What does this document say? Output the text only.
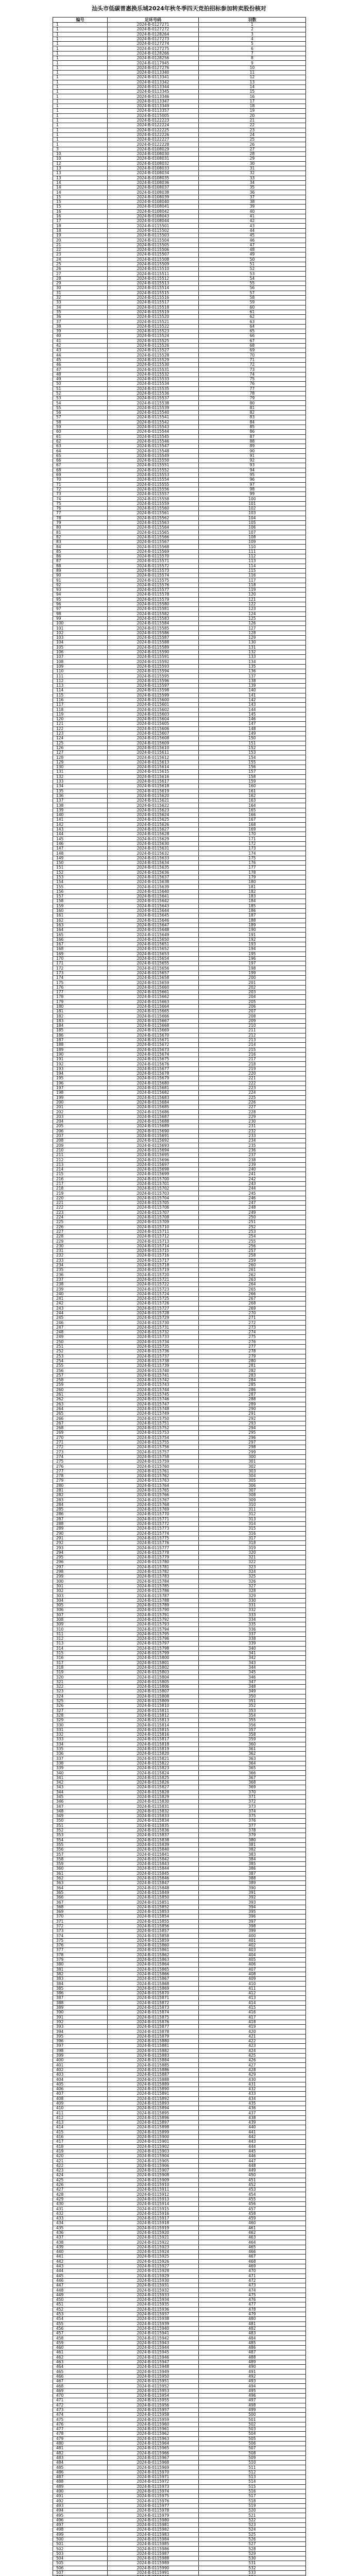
汕头市低碳普惠换乐城2024年秋冬季四天竞拍招标参加转卖股份核对
编号	足环号码	羽数
1	2024-B-0127271	1
1	2024-B-0127272	2
1	2024-B-0128264	3
1	2024-B-0127273	4
1	2024-B-0127274	5
1	2024-B-0127275	6
1	2024-B-0128266	7
1	2024-B-0128256	8
1	2024-B-0117945	9
1	2024-B-0127276	10
1	2024-B-0113340	11
1	2024-B-0113341	12
1	2024-B-0113342	13
1	2024-B-0113344	14
1	2024-B-0113345	15
1	2024-B-0113346	16
1	2024-B-0113347	17
1	2024-B-0113349	18
1	2024-B-0113357	19
1	2024-B-0115005	20
1	2024-B-0122223	21
1	2024-B-0122224	22
1	2024-B-0122225	23
1	2024-B-0122226	24
1	2024-B-0122227	25
1	2024-B-0122228	26
3	2024-B-0108029	27
10	2024-B-0108030	28
10	2024-B-0108031	29
12	2024-B-0108032	30
13	2024-B-0108033	31
13	2024-B-0108034	32
13	2024-B-0108035	33
14	2024-B-0108036	34
14	2024-B-0108037	35
14	2024-B-0108038	36
15	2024-B-0108039	37
15	2024-B-0108040	38
15	2024-B-0108041	39
16	2024-B-0108042	40
16	2024-B-0108043	41
17	2024-B-0108044	42
18	2024-B-0115501	43
18	2024-B-0115502	44
19	2024-B-0115503	45
20	2024-B-0115504	46
21	2024-B-0115505	47
22	2024-B-0115506	48
23	2024-B-0115507	49
24	2024-B-0115508	50
25	2024-B-0115509	51
26	2024-B-0115510	52
27	2024-B-0115511	53
28	2024-B-0115512	54
29	2024-B-0115513	55
30	2024-B-0115514	56
31	2024-B-0115515	57
32	2024-B-0115516	58
33	2024-B-0115517	59
34	2024-B-0115518	60
35	2024-B-0115519	61
36	2024-B-0115520	62
37	2024-B-0115521	63
38	2024-B-0115522	64
39	2024-B-0115523	65
40	2024-B-0115524	66
41	2024-B-0115525	67
42	2024-B-0115526	68
43	2024-B-0115527	69
44	2024-B-0115528	70
45	2024-B-0115529	71
46	2024-B-0115530	72
47	2024-B-0115531	73
48	2024-B-0115532	74
49	2024-B-0115533	75
50	2024-B-0115534	76
51	2024-B-0115535	77
52	2024-B-0115536	78
53	2024-B-0115537	79
54	2024-B-0115538	80
55	2024-B-0115539	81
56	2024-B-0115540	82
57	2024-B-0115541	83
58	2024-B-0115542	84
59	2024-B-0115543	85
60	2024-B-0115544	86
61	2024-B-0115545	87
62	2024-B-0115546	88
63	2024-B-0115547	89
64	2024-B-0115548	90
65	2024-B-0115549	91
66	2024-B-0115550	92
67	2024-B-0115551	93
68	2024-B-0115552	94
69	2024-B-0115553	95
70	2024-B-0115554	96
71	2024-B-0115555	97
72	2024-B-0115556	98
73	2024-B-0115557	99
74	2024-B-0115558	100
75	2024-B-0115559	101
76	2024-B-0115560	102
77	2024-B-0115561	103
78	2024-B-0115562	104
79	2024-B-0115563	105
80	2024-B-0115564	106
81	2024-B-0115565	107
82	2024-B-0115566	108
83	2024-B-0115567	109
84	2024-B-0115568	110
85	2024-B-0115569	111
86	2024-B-0115570	112
87	2024-B-0115571	113
88	2024-B-0115572	114
89	2024-B-0115573	115
90	2024-B-0115574	116
91	2024-B-0115575	117
92	2024-B-0115576	118
93	2024-B-0115577	119
94	2024-B-0115578	120
95	2024-B-0115579	121
96	2024-B-0115580	122
97	2024-B-0115581	123
98	2024-B-0115582	124
99	2024-B-0115583	125
100	2024-B-0115584	126
101	2024-B-0115585	127
102	2024-B-0115586	128
103	2024-B-0115587	129
104	2024-B-0115588	130
105	2024-B-0115589	131
106	2024-B-0115590	132
107	2024-B-0115591	133
108	2024-B-0115592	134
109	2024-B-0115593	135
110	2024-B-0115594	136
111	2024-B-0115595	137
112	2024-B-0115596	138
113	2024-B-0115597	139
114	2024-B-0115598	140
115	2024-B-0115599	141
116	2024-B-0115600	142
117	2024-B-0115601	143
118	2024-B-0115602	144
119	2024-B-0115603	145
120	2024-B-0115604	146
121	2024-B-0115605	147
122	2024-B-0115606	148
123	2024-B-0115607	149
124	2024-B-0115608	150
125	2024-B-0115609	151
126	2024-B-0115610	152
127	2024-B-0115611	153
128	2024-B-0115612	154
129	2024-B-0115613	155
130	2024-B-0115614	156
131	2024-B-0115615	157
132	2024-B-0115616	158
133	2024-B-0115617	159
134	2024-B-0115618	160
135	2024-B-0115619	161
136	2024-B-0115620	162
137	2024-B-0115621	163
138	2024-B-0115622	164
139	2024-B-0115623	165
140	2024-B-0115624	166
141	2024-B-0115625	167
142	2024-B-0115626	168
143	2024-B-0115627	169
144	2024-B-0115628	170
145	2024-B-0115629	171
146	2024-B-0115630	172
147	2024-B-0115631	173
148	2024-B-0115632	174
149	2024-B-0115633	175
150	2024-B-0115634	176
151	2024-B-0115635	177
152	2024-B-0115636	178
153	2024-B-0115637	179
154	2024-B-0115638	180
155	2024-B-0115639	181
156	2024-B-0115640	182
157	2024-B-0115641	183
158	2024-B-0115642	184
159	2024-B-0115643	185
160	2024-B-0115644	186
161	2024-B-0115645	187
162	2024-B-0115646	188
163	2024-B-0115647	189
164	2024-B-0115648	190
165	2024-B-0115649	191
166	2024-B-0115650	192
167	2024-B-0115651	193
168	2024-B-0115652	194
169	2024-B-0115653	195
170	2024-B-0115654	196
171	2024-B-0115655	197
172	2024-B-0115656	198
173	2024-B-0115657	199
174	2024-B-0115658	200
175	2024-B-0115659	201
176	2024-B-0115660	202
177	2024-B-0115661	203
178	2024-B-0115662	204
179	2024-B-0115663	205
180	2024-B-0115664	206
181	2024-B-0115665	207
182	2024-B-0115666	208
183	2024-B-0115667	209
184	2024-B-0115668	210
185	2024-B-0115669	211
186	2024-B-0115670	212
187	2024-B-0115671	213
188	2024-B-0115672	214
189	2024-B-0115673	215
190	2024-B-0115674	216
191	2024-B-0115675	217
192	2024-B-0115676	218
193	2024-B-0115677	219
194	2024-B-0115678	220
195	2024-B-0115679	221
196	2024-B-0115680	222
197	2024-B-0115681	223
198	2024-B-0115682	224
199	2024-B-0115683	225
200	2024-B-0115684	226
201	2024-B-0115685	227
202	2024-B-0115686	228
203	2024-B-0115687	229
204	2024-B-0115688	230
205	2024-B-0115689	231
206	2024-B-0115690	232
207	2024-B-0115691	233
208	2024-B-0115692	234
209	2024-B-0115693	235
210	2024-B-0115694	236
211	2024-B-0115695	237
212	2024-B-0115696	238
213	2024-B-0115697	239
214	2024-B-0115698	240
215	2024-B-0115699	241
216	2024-B-0115700	242
217	2024-B-0115701	243
218	2024-B-0115702	244
219	2024-B-0115703	245
220	2024-B-0115704	246
221	2024-B-0115705	247
222	2024-B-0115706	248
223	2024-B-0115707	249
224	2024-B-0115708	250
225	2024-B-0115709	251
226	2024-B-0115710	252
227	2024-B-0115711	253
228	2024-B-0115712	254
229	2024-B-0115713	255
230	2024-B-0115714	256
231	2024-B-0115715	257
232	2024-B-0115716	258
233	2024-B-0115717	259
234	2024-B-0115718	260
235	2024-B-0115719	261
236	2024-B-0115720	262
237	2024-B-0115721	263
238	2024-B-0115722	264
239	2024-B-0115723	265
240	2024-B-0115724	266
241	2024-B-0115725	267
242	2024-B-0115726	268
243	2024-B-0115727	269
244	2024-B-0115728	270
245	2024-B-0115729	271
246	2024-B-0115730	272
247	2024-B-0115731	273
248	2024-B-0115732	274
249	2024-B-0115733	275
250	2024-B-0115734	276
251	2024-B-0115735	277
252	2024-B-0115736	278
253	2024-B-0115737	279
254	2024-B-0115738	280
255	2024-B-0115739	281
256	2024-B-0115740	282
257	2024-B-0115741	283
258	2024-B-0115742	284
259	2024-B-0115743	285
260	2024-B-0115744	286
261	2024-B-0115745	287
262	2024-B-0115746	288
263	2024-B-0115747	289
264	2024-B-0115748	290
265	2024-B-0115749	291
266	2024-B-0115750	292
267	2024-B-0115751	293
268	2024-B-0115752	294
269	2024-B-0115753	295
270	2024-B-0115754	296
271	2024-B-0115755	297
272	2024-B-0115756	298
273	2024-B-0115757	299
274	2024-B-0115758	300
275	2024-B-0115759	301
276	2024-B-0115760	302
277	2024-B-0115761	303
278	2024-B-0115762	304
279	2024-B-0115763	305
280	2024-B-0115764	306
281	2024-B-0115765	307
282	2024-B-0115766	308
283	2024-B-0115767	309
284	2024-B-0115768	310
285	2024-B-0115769	311
286	2024-B-0115770	312
287	2024-B-0115771	313
288	2024-B-0115772	314
289	2024-B-0115773	315
290	2024-B-0115774	316
291	2024-B-0115775	317
292	2024-B-0115776	318
293	2024-B-0115777	319
294	2024-B-0115778	320
295	2024-B-0115779	321
296	2024-B-0115780	322
297	2024-B-0115781	323
298	2024-B-0115782	324
299	2024-B-0115783	325
300	2024-B-0115784	326
301	2024-B-0115785	327
302	2024-B-0115786	328
303	2024-B-0115787	329
304	2024-B-0115788	330
305	2024-B-0115789	331
306	2024-B-0115790	332
307	2024-B-0115791	333
308	2024-B-0115792	334
309	2024-B-0115793	335
310	2024-B-0115794	336
311	2024-B-0115795	337
312	2024-B-0115796	338
313	2024-B-0115797	339
314	2024-B-0115798	340
315	2024-B-0115799	341
316	2024-B-0115800	342
317	2024-B-0115801	343
318	2024-B-0115802	344
319	2024-B-0115803	345
320	2024-B-0115804	346
321	2024-B-0115805	347
322	2024-B-0115806	348
323	2024-B-0115807	349
324	2024-B-0115808	350
325	2024-B-0115809	351
326	2024-B-0115810	352
327	2024-B-0115811	353
328	2024-B-0115812	354
329	2024-B-0115813	355
330	2024-B-0115814	356
331	2024-B-0115815	357
332	2024-B-0115816	358
333	2024-B-0115817	359
334	2024-B-0115818	360
335	2024-B-0115819	361
336	2024-B-0115820	362
337	2024-B-0115821	363
338	2024-B-0115822	364
339	2024-B-0115823	365
340	2024-B-0115824	366
341	2024-B-0115825	367
342	2024-B-0115826	368
343	2024-B-0115827	369
344	2024-B-0115828	370
345	2024-B-0115829	371
346	2024-B-0115830	372
347	2024-B-0115831	373
348	2024-B-0115832	374
349	2024-B-0115833	375
350	2024-B-0115834	376
351	2024-B-0115835	377
352	2024-B-0115836	378
353	2024-B-0115837	379
354	2024-B-0115838	380
355	2024-B-0115839	381
356	2024-B-0115840	382
357	2024-B-0115841	383
358	2024-B-0115842	384
359	2024-B-0115843	385
360	2024-B-0115844	386
361	2024-B-0115845	387
362	2024-B-0115846	388
363	2024-B-0115847	389
364	2024-B-0115848	390
365	2024-B-0115849	391
366	2024-B-0115850	392
367	2024-B-0115851	393
368	2024-B-0115852	394
369	2024-B-0115853	395
370	2024-B-0115854	396
371	2024-B-0115855	397
372	2024-B-0115856	398
373	2024-B-0115857	399
374	2024-B-0115858	400
375	2024-B-0115859	401
376	2024-B-0115860	402
377	2024-B-0115861	403
378	2024-B-0115862	404
379	2024-B-0115863	405
380	2024-B-0115864	406
381	2024-B-0115865	407
382	2024-B-0115866	408
383	2024-B-0115867	409
384	2024-B-0115868	410
385	2024-B-0115869	411
386	2024-B-0115870	412
387	2024-B-0115871	413
388	2024-B-0115872	414
389	2024-B-0115873	415
390	2024-B-0115874	416
391	2024-B-0115875	417
392	2024-B-0115876	418
393	2024-B-0115877	419
394	2024-B-0115878	420
395	2024-B-0115879	421
396	2024-B-0115880	422
397	2024-B-0115881	423
398	2024-B-0115882	424
399	2024-B-0115883	425
400	2024-B-0115884	426
401	2024-B-0115885	427
402	2024-B-0115886	428
403	2024-B-0115887	429
404	2024-B-0115888	430
405	2024-B-0115889	431
406	2024-B-0115890	432
407	2024-B-0115891	433
408	2024-B-0115892	434
409	2024-B-0115893	435
410	2024-B-0115894	436
411	2024-B-0115895	437
412	2024-B-0115896	438
413	2024-B-0115897	439
414	2024-B-0115898	440
415	2024-B-0115899	441
416	2024-B-0115900	442
417	2024-B-0115901	443
418	2024-B-0115902	444
419	2024-B-0115903	445
420	2024-B-0115904	446
421	2024-B-0115905	447
422	2024-B-0115906	448
423	2024-B-0115907	449
424	2024-B-0115908	450
425	2024-B-0115909	451
426	2024-B-0115910	452
427	2024-B-0115911	453
428	2024-B-0115912	454
429	2024-B-0115913	455
430	2024-B-0115914	456
431	2024-B-0115915	457
432	2024-B-0115916	458
433	2024-B-0115917	459
434	2024-B-0115918	460
435	2024-B-0115919	461
436	2024-B-0115920	462
437	2024-B-0115921	463
438	2024-B-0115922	464
439	2024-B-0115923	465
440	2024-B-0115924	466
441	2024-B-0115925	467
442	2024-B-0115926	468
443	2024-B-0115927	469
444	2024-B-0115928	470
445	2024-B-0115929	471
446	2024-B-0115930	472
447	2024-B-0115931	473
448	2024-B-0115932	474
449	2024-B-0115933	475
450	2024-B-0115934	476
451	2024-B-0115935	477
452	2024-B-0115936	478
453	2024-B-0115937	479
454	2024-B-0115938	480
455	2024-B-0115939	481
456	2024-B-0115940	482
457	2024-B-0115941	483
458	2024-B-0115942	484
459	2024-B-0115943	485
460	2024-B-0115944	486
461	2024-B-0115945	487
462	2024-B-0115946	488
463	2024-B-0115947	489
464	2024-B-0115948	490
465	2024-B-0115949	491
466	2024-B-0115950	492
467	2024-B-0115951	493
468	2024-B-0115952	494
469	2024-B-0115953	495
470	2024-B-0115954	496
471	2024-B-0115955	497
472	2024-B-0115956	498
473	2024-B-0115957	499
474	2024-B-0115958	500
475	2024-B-0115959	501
476	2024-B-0115960	502
477	2024-B-0115961	503
478	2024-B-0115962	504
479	2024-B-0115963	505
480	2024-B-0115964	506
481	2024-B-0115965	507
482	2024-B-0115966	508
483	2024-B-0115967	509
484	2024-B-0115968	510
485	2024-B-0115969	511
486	2024-B-0115970	512
487	2024-B-0115971	513
488	2024-B-0115972	514
489	2024-B-0115973	515
490	2024-B-0115974	516
491	2024-B-0115975	517
492	2024-B-0115976	518
493	2024-B-0115977	519
494	2024-B-0115978	520
495	2024-B-0115979	521
496	2024-B-0115980	522
497	2024-B-0115981	523
498	2024-B-0115982	524
499	2024-B-0115983	525
500	2024-B-0115984	526
501	2024-B-0115985	527
502	2024-B-0115986	528
503	2024-B-0115987	529
504	2024-B-0115988	530
505	2024-B-0115989	531
506	2024-B-0115990	532
507	2024-B-0115991	533
